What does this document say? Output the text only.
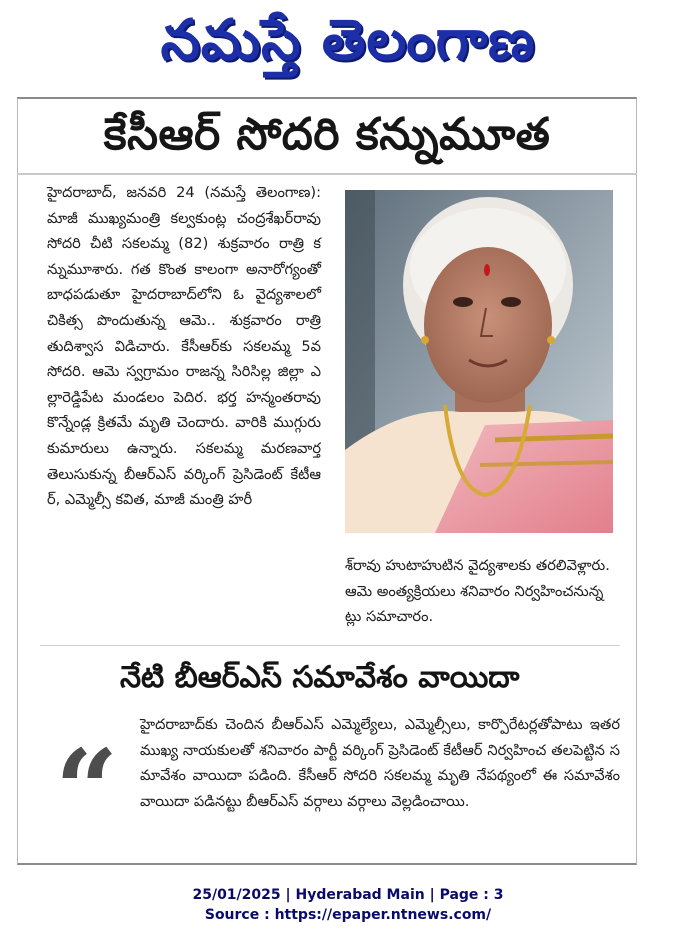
నమస్తే తెలంగాణ
కేసీఆర్ సోదరి కన్నుమూత
హైదరాబాద్, జనవరి 24 (నమస్తే తెలంగాణ): మాజీ ముఖ్యమంత్రి కల్వకుంట్ల చంద్రశేఖర్‌రావు సోదరి చీటి సకలమ్మ (82) శుక్రవారం రాత్రి కన్నుమూశారు. గత కొంత కాలంగా అనారోగ్యంతో బాధపడుతూ హైదరాబాద్‌లోని ఓ వైద్యశాలలో చికిత్స పొందుతున్న ఆమె.. శుక్రవారం రాత్రి తుదిశ్వాస విడిచారు. కేసీఆర్‌కు సకలమ్మ 5వ సోదరి. ఆమె స్వగ్రామం రాజన్న సిరిసిల్ల జిల్లా ఎల్లారెడ్డిపేట మండలం పెదిర. భర్త హన్మంతరావు కొన్నేండ్ల క్రితమే మృతి చెందారు. వారికి ముగ్గురు కుమారులు ఉన్నారు. సకలమ్మ మరణవార్త తెలుసుకున్న బీఆర్‌ఎస్ వర్కింగ్ ప్రెసిడెంట్ కేటీఆర్, ఎమ్మెల్సీ కవిత, మాజీ మంత్రి హరీ
శ్‌రావు హుటాహుటిన వైద్యశాలకు తరలివెళ్లారు. ఆమె అంత్యక్రియలు శనివారం నిర్వహించనున్నట్లు సమాచారం.
నేటి బీఆర్‌ఎస్ సమావేశం వాయిదా
“
హైదరాబాద్‌కు చెందిన బీఆర్‌ఎస్ ఎమ్మెల్యేలు, ఎమ్మెల్సీలు, కార్పొరేటర్లతోపాటు ఇతర ముఖ్య నాయకులతో శనివారం పార్టీ వర్కింగ్ ప్రెసిడెంట్ కేటీఆర్ నిర్వహించ తలపెట్టిన సమావేశం వాయిదా పడింది. కేసీఆర్ సోదరి సకలమ్మ మృతి నేపథ్యంలో ఈ సమావేశం వాయిదా పడినట్టు బీఆర్‌ఎస్ వర్గాలు వర్గాలు వెల్లడించాయి.
25/01/2025 | Hyderabad Main | Page : 3
Source : https://epaper.ntnews.com/
